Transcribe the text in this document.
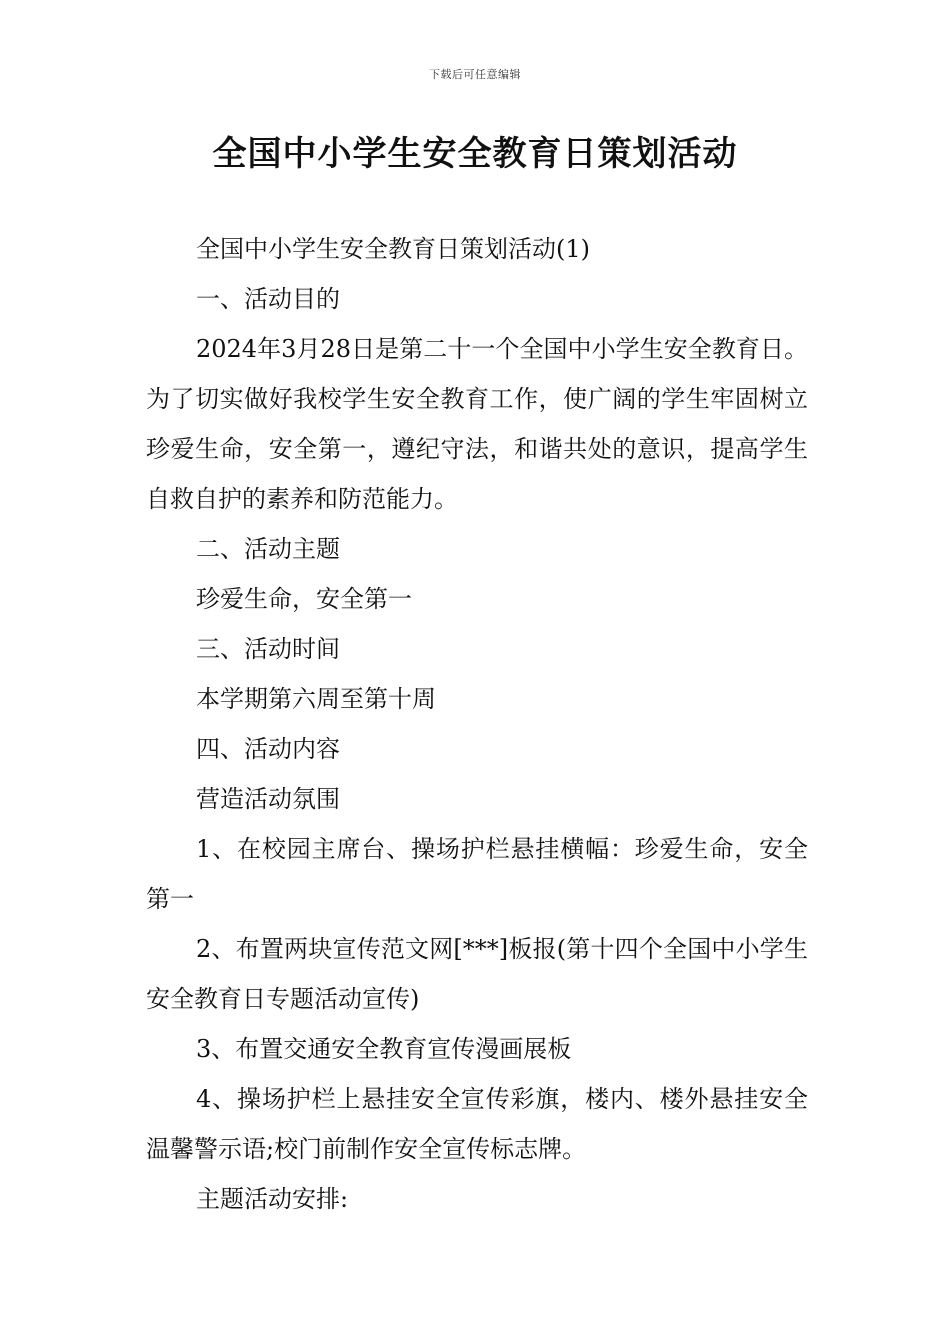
下载后可任意编辑
全国中小学生安全教育日策划活动

全国中小学生安全教育日策划活动(1)

一、活动目的

2024年3月28日是第二十一个全国中小学生安全教育日。为了切实做好我校学生安全教育工作，使广阔的学生牢固树立珍爱生命，安全第一，遵纪守法，和谐共处的意识，提高学生自救自护的素养和防范能力。

二、活动主题

珍爱生命，安全第一

三、活动时间

本学期第六周至第十周

四、活动内容

营造活动氛围

1、在校园主席台、操场护栏悬挂横幅：珍爱生命，安全第一

2、布置两块宣传范文网[***]板报(第十四个全国中小学生安全教育日专题活动宣传)

3、布置交通安全教育宣传漫画展板

4、操场护栏上悬挂安全宣传彩旗，楼内、楼外悬挂安全温馨警示语;校门前制作安全宣传标志牌。

主题活动安排:
